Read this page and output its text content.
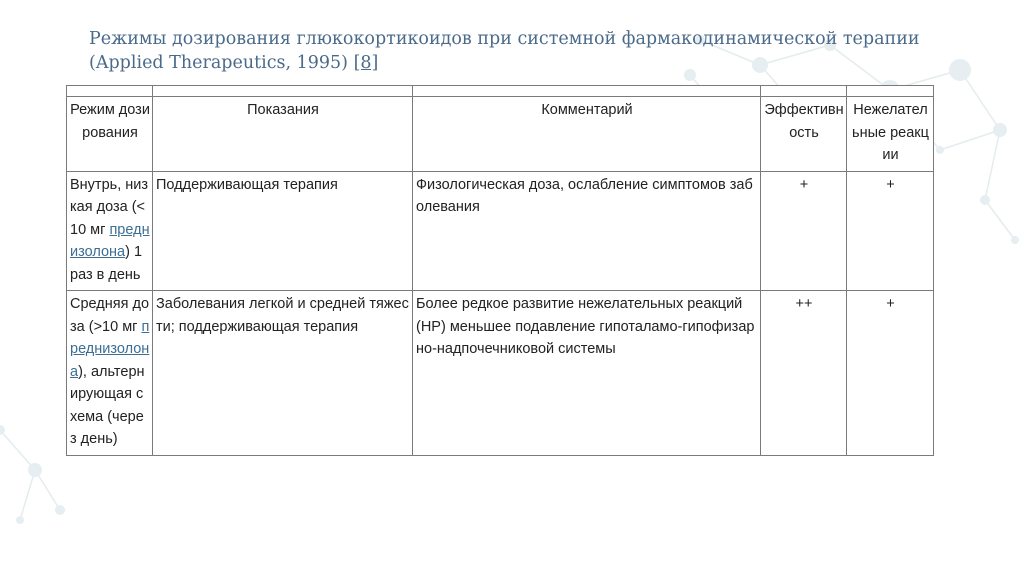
Режимы дозирования глюкокортикоидов при системной фармакодинамической терапии (Applied Therapeutics, 1995) [8]

Режим дозирования	Показания	Комментарий	Эффективность	Нежелательные реакции
Внутрь, низкая доза (<10 мг преднизолона) 1 раз в день	Поддерживающая терапия	Физологическая доза, ослабление симптомов заболевания	+	+
Средняя доза (>10 мг преднизолона), альтернирующая схема (через день)	Заболевания легкой и средней тяжести; поддерживающая терапия	Более редкое развитие нежелательных реакций (НР) меньшее подавление гипоталамо-гипофизарно-надпочечниковой системы	++	+
